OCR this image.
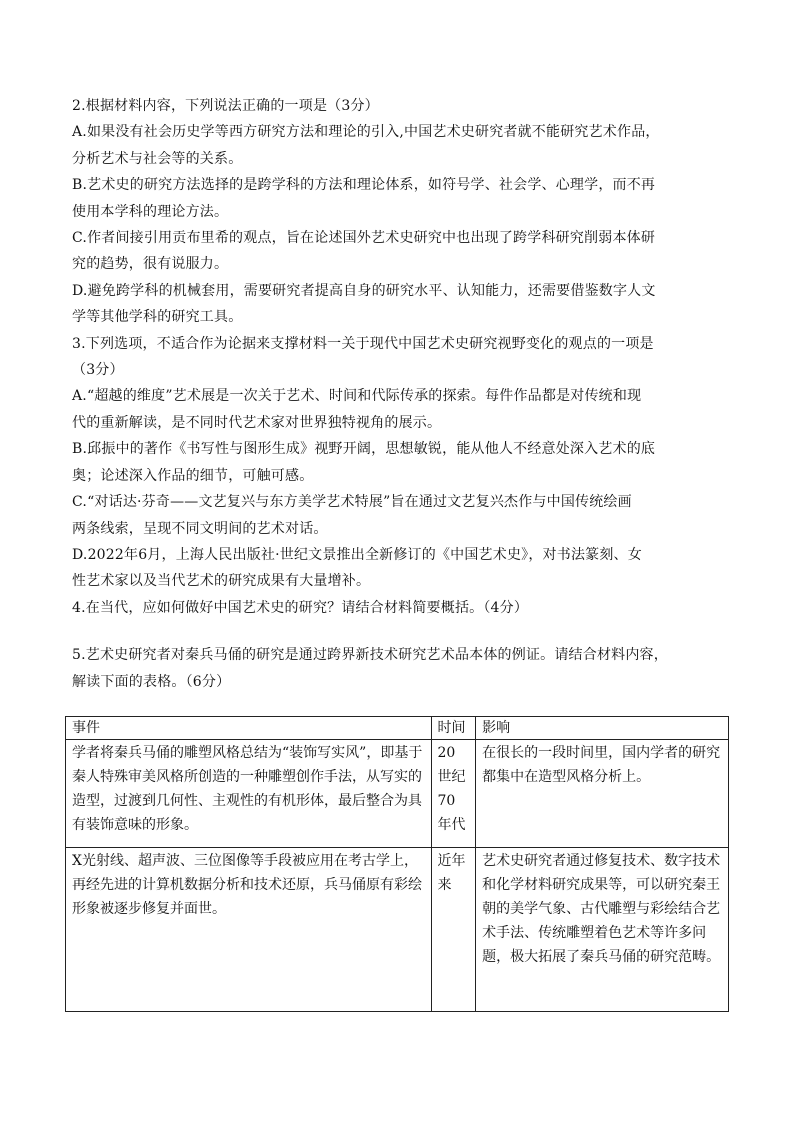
2.根据材料内容，下列说法正确的一项是（3分）

A.如果没有社会历史学等西方研究方法和理论的引入,中国艺术史研究者就不能研究艺术作品，

分析艺术与社会等的关系。

B.艺术史的研究方法选择的是跨学科的方法和理论体系，如符号学、社会学、心理学，而不再

使用本学科的理论方法。

C.作者间接引用贡布里希的观点，旨在论述国外艺术史研究中也出现了跨学科研究削弱本体研

究的趋势，很有说服力。

D.避免跨学科的机械套用，需要研究者提高自身的研究水平、认知能力，还需要借鉴数字人文

学等其他学科的研究工具。

3.下列选项，不适合作为论据来支撑材料一关于现代中国艺术史研究视野变化的观点的一项是

（3分）

A.“超越的维度”艺术展是一次关于艺术、时间和代际传承的探索。每件作品都是对传统和现

代的重新解读，是不同时代艺术家对世界独特视角的展示。

B.邱振中的著作《书写性与图形生成》视野开阔，思想敏锐，能从他人不经意处深入艺术的底

奥；论述深入作品的细节，可触可感。

C.“对话达·芬奇——文艺复兴与东方美学艺术特展”旨在通过文艺复兴杰作与中国传统绘画

两条线索，呈现不同文明间的艺术对话。

D.2022年6月，上海人民出版社·世纪文景推出全新修订的《中国艺术史》，对书法篆刻、女

性艺术家以及当代艺术的研究成果有大量增补。

4.在当代，应如何做好中国艺术史的研究？请结合材料简要概括。（4分）

5.艺术史研究者对秦兵马俑的研究是通过跨界新技术研究艺术品本体的例证。请结合材料内容，

解读下面的表格。（6分）

事件	时间	影响
学者将秦兵马俑的雕塑风格总结为“装饰写实风”，即基于秦人特殊审美风格所创造的一种雕塑创作手法，从写实的造型，过渡到几何性、主观性的有机形体，最后整合为具有装饰意味的形象。	20世纪70年代	在很长的一段时间里，国内学者的研究都集中在造型风格分析上。
X光射线、超声波、三位图像等手段被应用在考古学上，再经先进的计算机数据分析和技术还原，兵马俑原有彩绘形象被逐步修复并面世。	近年来	艺术史研究者通过修复技术、数字技术和化学材料研究成果等，可以研究秦王朝的美学气象、古代雕塑与彩绘结合艺术手法、传统雕塑着色艺术等许多问题，极大拓展了秦兵马俑的研究范畴。
